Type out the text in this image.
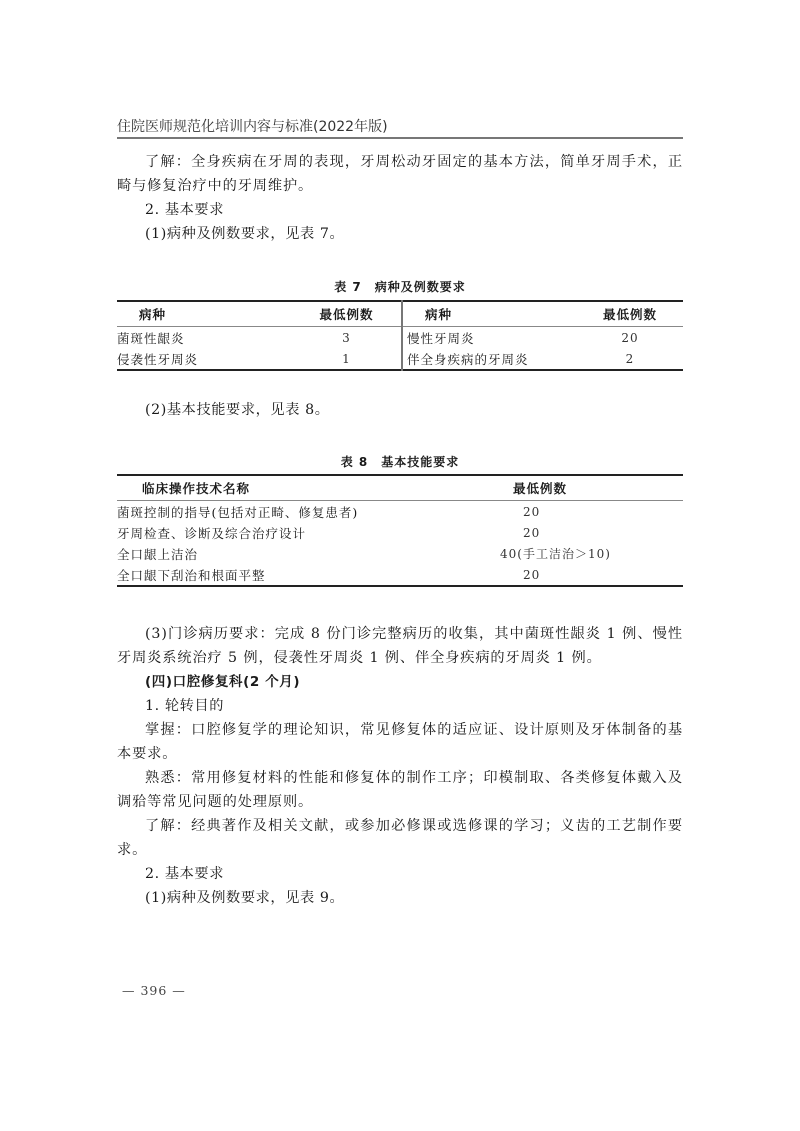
住院医师规范化培训内容与标准(2022年版)
了解：全身疾病在牙周的表现，牙周松动牙固定的基本方法，简单牙周手术，正畸与修复治疗中的牙周维护。
2. 基本要求
(1)病种及例数要求，见表 7。
表 7　病种及例数要求
病种	最低例数	病种	最低例数
菌斑性龈炎	3	慢性牙周炎	20
侵袭性牙周炎	1	伴全身疾病的牙周炎	2
(2)基本技能要求，见表 8。
表 8　基本技能要求
临床操作技术名称	最低例数
菌斑控制的指导(包括对正畸、修复患者)	20
牙周检查、诊断及综合治疗设计	20
全口龈上洁治	40(手工洁治＞10)
全口龈下刮治和根面平整	20
(3)门诊病历要求：完成 8 份门诊完整病历的收集，其中菌斑性龈炎 1 例、慢性牙周炎系统治疗 5 例，侵袭性牙周炎 1 例、伴全身疾病的牙周炎 1 例。
(四)口腔修复科(2 个月)
1. 轮转目的
掌握：口腔修复学的理论知识，常见修复体的适应证、设计原则及牙体制备的基本要求。
熟悉：常用修复材料的性能和修复体的制作工序；印模制取、各类修复体戴入及调𬌗等常见问题的处理原则。
了解：经典著作及相关文献，或参加必修课或选修课的学习；义齿的工艺制作要求。
2. 基本要求
(1)病种及例数要求，见表 9。
— 396 —
